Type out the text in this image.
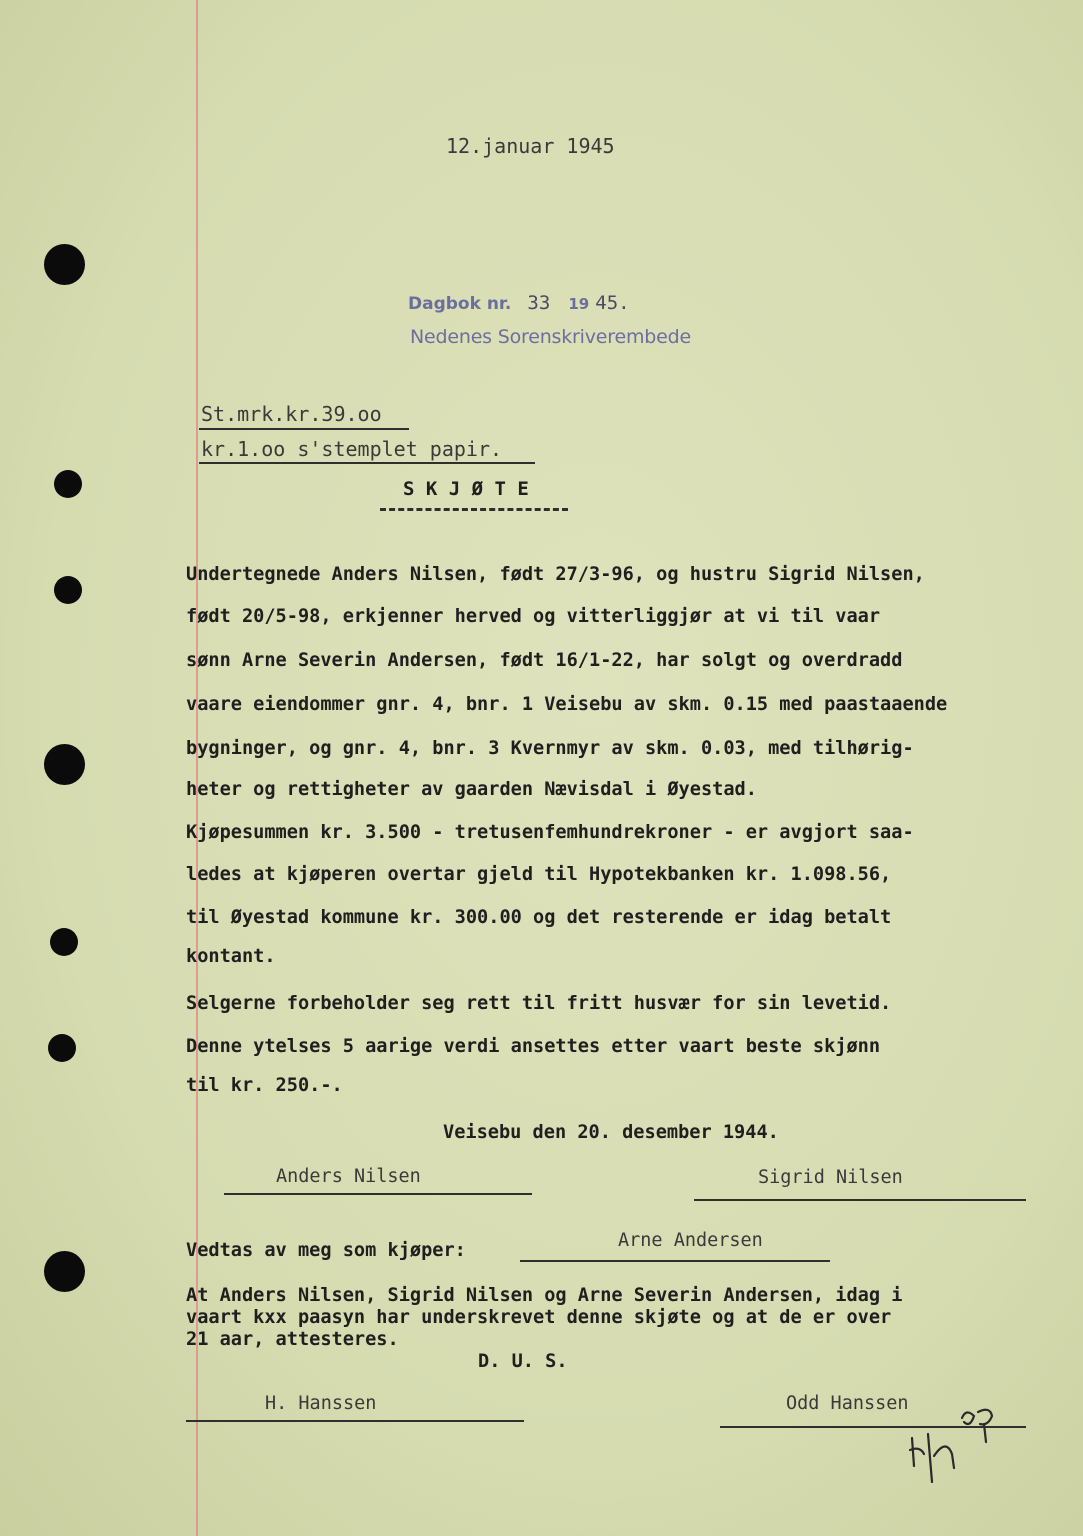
12.januar 1945

Dagbok nr. 33 19 45.

Nedenes Sorenskriverembede

St.mrk.kr.39.oo

kr.1.oo s'stemplet papir.

S K J Ø T E

Undertegnede Anders Nilsen, født 27/3-96, og hustru Sigrid Nilsen,

født 20/5-98, erkjenner herved og vitterliggjør at vi til vaar

sønn Arne Severin Andersen, født 16/1-22, har solgt og overdradd

vaare eiendommer gnr. 4, bnr. 1 Veisebu av skm. 0.15 med paastaaende

bygninger, og gnr. 4, bnr. 3 Kvernmyr av skm. 0.03, med tilhørig-

heter og rettigheter av gaarden Nævisdal i Øyestad.

Kjøpesummen kr. 3.500 - tretusenfemhundrekroner - er avgjort saa-

ledes at kjøperen overtar gjeld til Hypotekbanken kr. 1.098.56,

til Øyestad kommune kr. 300.00 og det resterende er idag betalt

kontant.

Selgerne forbeholder seg rett til fritt husvær for sin levetid.

Denne ytelses 5 aarige verdi ansettes etter vaart beste skjønn

til kr. 250.-.

Veisebu den 20. desember 1944.

Anders Nilsen	Sigrid Nilsen

Vedtas av meg som kjøper:	Arne Andersen

At Anders Nilsen, Sigrid Nilsen og Arne Severin Andersen, idag i

vaart kxx paasyn har underskrevet denne skjøte og at de er over

21 aar, attesteres.

D. U. S.

H. Hanssen	Odd Hanssen
